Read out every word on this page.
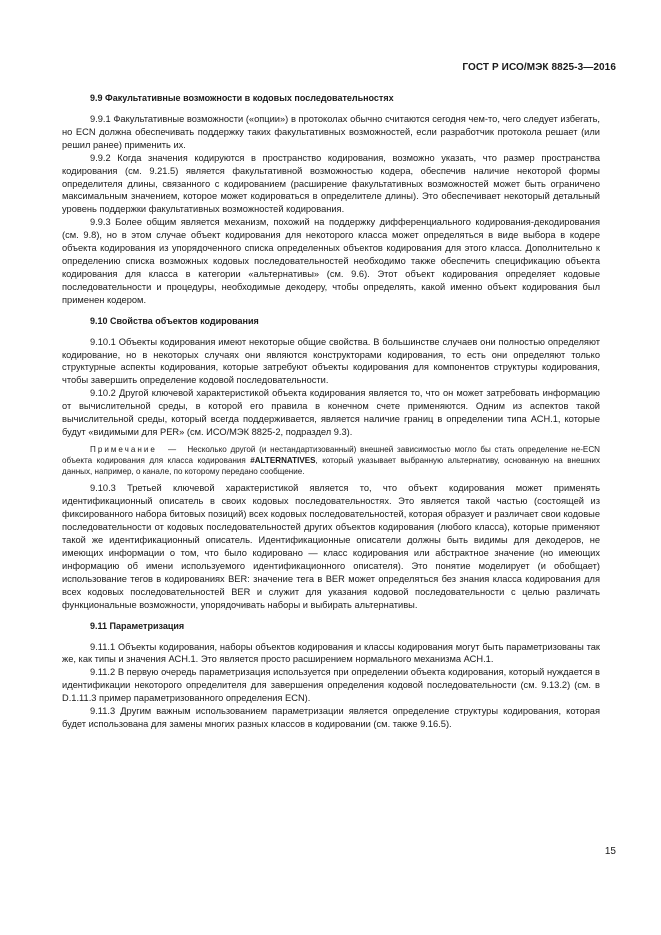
ГОСТ Р ИСО/МЭК 8825-3—2016
9.9 Факультативные возможности в кодовых последовательностях

9.9.1 Факультативные возможности («опции») в протоколах обычно считаются сегодня чем-то, чего следует избегать, но ECN должна обеспечивать поддержку таких факультативных возможностей, если разработчик протокола решает (или решил ранее) применить их.

9.9.2 Когда значения кодируются в пространство кодирования, возможно указать, что размер пространства кодирования (см. 9.21.5) является факультативной возможностью кодера, обеспечив наличие некоторой формы определителя длины, связанного с кодированием (расширение факультативных возможностей может быть ограничено максимальным значением, которое может кодироваться в определителе длины). Это обеспечивает некоторый детальный уровень поддержки факультативных возможностей кодирования.

9.9.3 Более общим является механизм, похожий на поддержку дифференциального кодирования-декодирования (см. 9.8), но в этом случае объект кодирования для некоторого класса может определяться в виде выбора в кодере объекта кодирования из упорядоченного списка определенных объектов кодирования для этого класса. Дополнительно к определению списка возможных кодовых последовательностей необходимо также обеспечить спецификацию объекта кодирования для класса в категории «альтернативы» (см. 9.6). Этот объект кодирования определяет кодовые последовательности и процедуры, необходимые декодеру, чтобы определять, какой именно объект кодирования был применен кодером.

9.10 Свойства объектов кодирования

9.10.1 Объекты кодирования имеют некоторые общие свойства. В большинстве случаев они полностью определяют кодирование, но в некоторых случаях они являются конструкторами кодирования, то есть они определяют только структурные аспекты кодирования, которые затребуют объекты кодирования для компонентов структуры кодирования, чтобы завершить определение кодовой последовательности.

9.10.2 Другой ключевой характеристикой объекта кодирования является то, что он может затребовать информацию от вычислительной среды, в которой его правила в конечном счете применяются. Одним из аспектов такой вычислительной среды, который всегда поддерживается, является наличие границ в определении типа АСН.1, которые будут «видимыми для PER» (см. ИСО/МЭК 8825-2, подраздел 9.3).

Примечание — Несколько другой (и нестандартизованный) внешней зависимостью могло бы стать определение не-ECN объекта кодирования для класса кодирования #ALTERNATIVES, который указывает выбранную альтернативу, основанную на внешних данных, например, о канале, по которому передано сообщение.

9.10.3 Третьей ключевой характеристикой является то, что объект кодирования может применять идентификационный описатель в своих кодовых последовательностях. Это является такой частью (состоящей из фиксированного набора битовых позиций) всех кодовых последовательностей, которая образует и различает свои кодовые последовательности от кодовых последовательностей других объектов кодирования (любого класса), которые применяют такой же идентификационный описатель. Идентификационные описатели должны быть видимы для декодеров, не имеющих информации о том, что было кодировано — класс кодирования или абстрактное значение (но имеющих информацию об имени используемого идентификационного описателя). Это понятие моделирует (и обобщает) использование тегов в кодированиях BER: значение тега в BER может определяться без знания класса кодирования для всех кодовых последовательностей BER и служит для указания кодовой последовательности с целью различать функциональные возможности, упорядочивать наборы и выбирать альтернативы.

9.11 Параметризация

9.11.1 Объекты кодирования, наборы объектов кодирования и классы кодирования могут быть параметризованы так же, как типы и значения АСН.1. Это является просто расширением нормального механизма АСН.1.

9.11.2 В первую очередь параметризация используется при определении объекта кодирования, который нуждается в идентификации некоторого определителя для завершения определения кодовой последовательности (см. 9.13.2) (см. в D.1.11.3 пример параметризованного определения ECN).

9.11.3 Другим важным использованием параметризации является определение структуры кодирования, которая будет использована для замены многих разных классов в кодировании (см. также 9.16.5).

15
